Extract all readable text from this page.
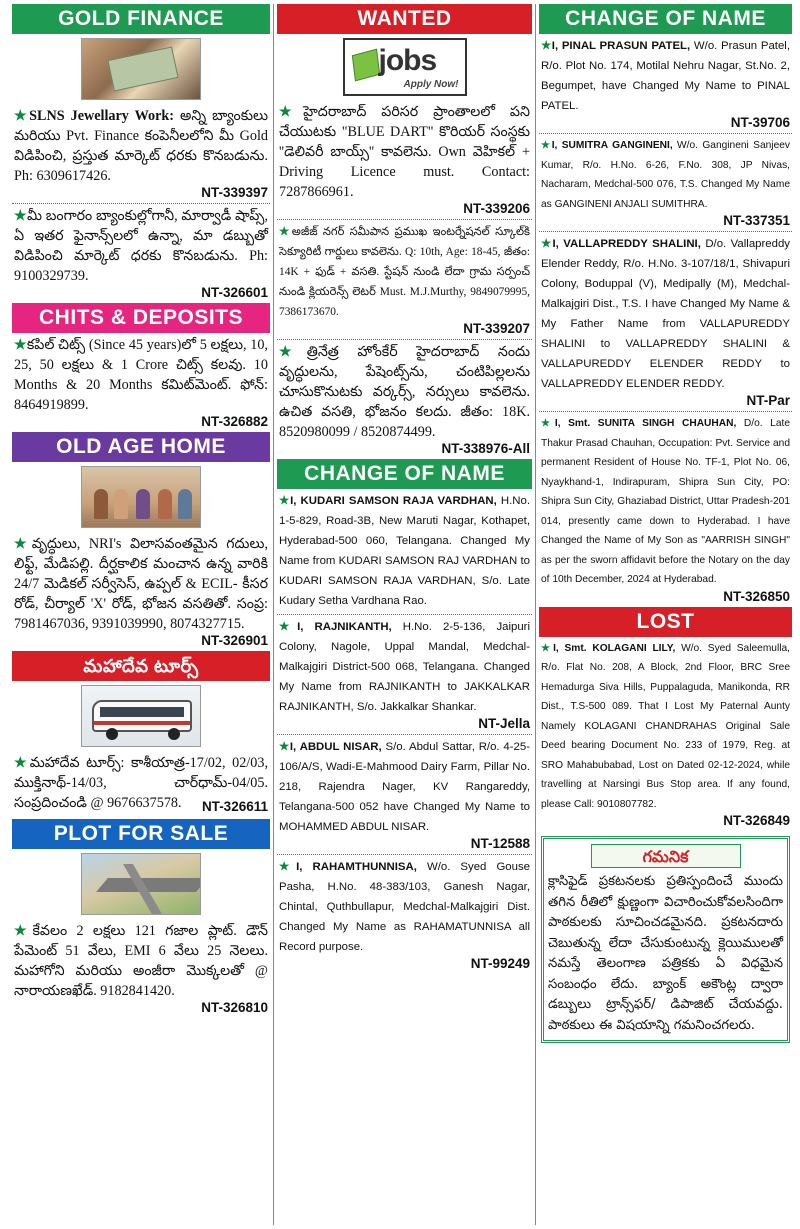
GOLD FINANCE
★SLNS Jewellary Work: అన్ని బ్యాంకులు మరియు Pvt. Finance కంపెనీలలోని మీ Gold విడిపించి, ప్రస్తుత మార్కెట్ ధరకు కొనబడును. Ph: 6309617426.
NT-339397
★మీ బంగారం బ్యాంకుల్లోగానీ, మార్వాడీ షాప్స్, ఏ ఇతర ఫైనాన్స్‌లలో ఉన్నా, మా డబ్బుతో విడిపించి మార్కెట్ ధరకు కొనబడును. Ph: 9100329739.
NT-326601
CHITS & DEPOSITS
★కపిల్ చిట్స్ (Since 45 years)లో 5 లక్షలు, 10, 25, 50 లక్షలు & 1 Crore చిట్స్ కలవు. 10 Months & 20 Months కమిట్‌మెంట్. ఫోన్: 8464919899.
NT-326882
OLD AGE HOME
★వృద్ధులు, NRI's విలాసవంతమైన గదులు, లిఫ్ట్, మేడిపల్లి. దీర్ఘకాలిక మంచాన ఉన్న వారికి 24/7 మెడికల్ సర్వీసెస్, ఉప్పల్ & ECIL- కీసర రోడ్, చీర్యాల్ 'X' రోడ్, భోజన వసతితో. సంప్ర: 7981467036, 9391039990, 8074327715.
NT-326901
మహాదేవ టూర్స్
★మహాదేవ టూర్స్: కాశీయాత్ర-17/02, 02/03, ముక్తినాథ్-14/03, చార్‌ధామ్-04/05. సంప్రదించండి @ 9676637578. NT-326611
PLOT FOR SALE
★కేవలం 2 లక్షలు 121 గజాల ప్లాట్. డౌన్ పేమెంట్ 51 వేలు, EMI 6 వేలు 25 నెలలు. మహాగోని మరియు అంజీరా మొక్కలతో @ నారాయణఖేడ్. 9182841420.
NT-326810
WANTED
jobs
Apply Now!
★హైదరాబాద్ పరిసర ప్రాంతాలలో పని చేయుటకు "BLUE DART" కొరియర్ సంస్థకు ''డెలివరీ బాయ్స్'' కావలెను. Own వెహికల్ + Driving Licence must. Contact: 7287866961.
NT-339206
★అజీజ్ నగర్ సమీపాన ప్రముఖ ఇంటర్నేషనల్ స్కూల్‌కి సెక్యూరిటీ గార్డులు కావలెను. Q: 10th, Age: 18-45, జీతం: 14K + ఫుడ్ + వసతి. స్టేషన్ నుండి లేదా గ్రామ సర్పంచ్ నుండి క్లియరెన్స్ లెటర్ Must. M.J.Murthy, 9849079995, 7386173670.
NT-339207
★త్రినేత్ర హోంకేర్ హైదరాబాద్ నందు వృద్ధులను, పేషెంట్స్‌ను, చంటిపిల్లలను చూసుకొనుటకు వర్కర్స్, నర్సులు కావలెను. ఉచిత వసతి, భోజనం కలదు. జీతం: 18K. 8520980099 / 8520874499.
NT-338976-All
CHANGE OF NAME
★I, KUDARI SAMSON RAJA VARDHAN, H.No. 1-5-829, Road-3B, New Maruti Nagar, Kothapet, Hyderabad-500 060, Telangana. Changed My Name from KUDARI SAMSON RAJ VARDHAN to KUDARI SAMSON RAJA VARDHAN, S/o. Late Kudary Setha Vardhana Rao.
★I, RAJNIKANTH, H.No. 2-5-136, Jaipuri Colony, Nagole, Uppal Mandal, Medchal-Malkajgiri District-500 068, Telangana. Changed My Name from RAJNIKANTH to JAKKALKAR RAJNIKANTH, S/o. Jakkalkar Shankar.
NT-Jella
★I, ABDUL NISAR, S/o. Abdul Sattar, R/o. 4-25-106/A/S, Wadi-E-Mahmood Dairy Farm, Pillar No. 218, Rajendra Nager, KV Rangareddy, Telangana-500 052 have Changed My Name to MOHAMMED ABDUL NISAR.
NT-12588
★I, RAHAMTHUNNISA, W/o. Syed Gouse Pasha, H.No. 48-383/103, Ganesh Nagar, Chintal, Quthbullapur, Medchal-Malkajgiri Dist. Changed My Name as RAHAMATUNNISA all Record purpose.
NT-99249
CHANGE OF NAME
★I, PINAL PRASUN PATEL, W/o. Prasun Patel, R/o. Plot No. 174, Motilal Nehru Nagar, St.No. 2, Begumpet, have Changed My Name to PINAL PATEL.
NT-39706
★I, SUMITRA GANGINENI, W/o. Gangineni Sanjeev Kumar, R/o. H.No. 6-26, F.No. 308, JP Nivas, Nacharam, Medchal-500 076, T.S. Changed My Name as GANGINENI ANJALI SUMITHRA.
NT-337351
★I, VALLAPREDDY SHALINI, D/o. Vallapreddy Elender Reddy, R/o. H.No. 3-107/18/1, Shivapuri Colony, Boduppal (V), Medipally (M), Medchal-Malkajgiri Dist., T.S. I have Changed My Name & My Father Name from VALLAPUREDDY SHALINI to VALLAPREDDY SHALINI & VALLAPUREDDY ELENDER REDDY to VALLAPREDDY ELENDER REDDY.
NT-Par
★I, Smt. SUNITA SINGH CHAUHAN, D/o. Late Thakur Prasad Chauhan, Occupation: Pvt. Service and permanent Resident of House No. TF-1, Plot No. 06, Nyaykhand-1, Indirapuram, Shipra Sun City, PO: Shipra Sun City, Ghaziabad District, Uttar Pradesh-201 014, presently came down to Hyderabad. I have Changed the Name of My Son as "AARRISH SINGH" as per the sworn affidavit before the Notary on the day of 10th December, 2024 at Hyderabad.
NT-326850
LOST
★I, Smt. KOLAGANI LILY, W/o. Syed Saleemulla, R/o. Flat No. 208, A Block, 2nd Floor, BRC Sree Hemadurga Siva Hills, Puppalaguda, Manikonda, RR Dist., T.S-500 089. That I Lost My Paternal Aunty Namely KOLAGANI CHANDRAHAS Original Sale Deed bearing Document No. 233 of 1979, Reg. at SRO Mahabubabad, Lost on Dated 02-12-2024, while travelling at Narsingi Bus Stop area. If any found, please Call: 9010807782.
NT-326849
గమనిక
క్లాసిఫైడ్ ప్రకటనలకు ప్రతిస్పందించే ముందు తగిన రీతిలో క్షుణ్ణంగా విచారించుకోవలసిందిగా పాఠకులకు సూచించడమైనది. ప్రకటనదారు చెబుతున్న లేదా చేసుకుంటున్న క్లెయిములతో నమస్తే తెలంగాణ పత్రికకు ఏ విధమైన సంబంధం లేదు. బ్యాంక్ అకౌంట్ల ద్వారా డబ్బులు ట్రాన్స్‌ఫర్/ డిపాజిట్ చేయవద్దు. పాఠకులు ఈ విషయాన్ని గమనించగలరు.
